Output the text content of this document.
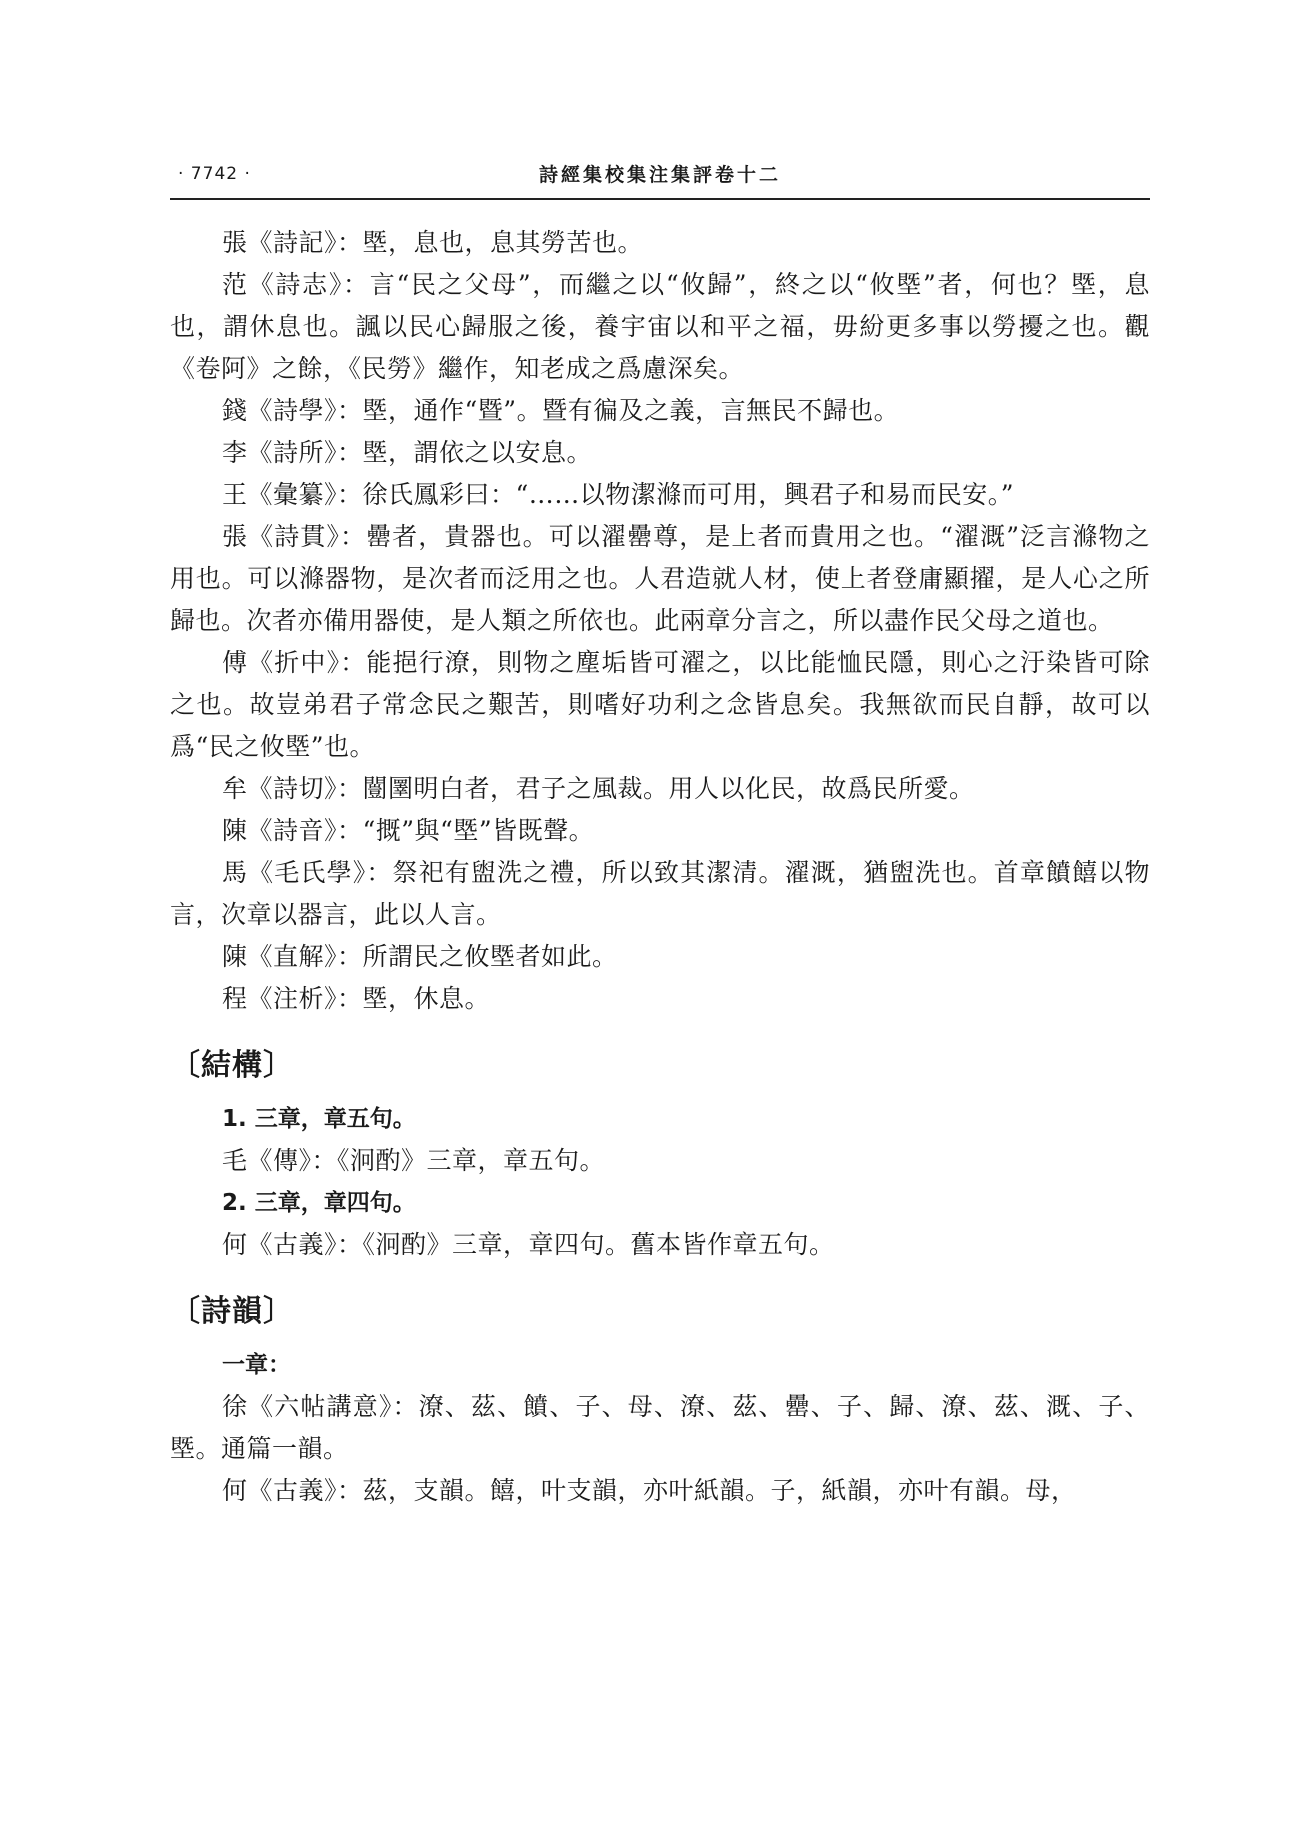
· 7742 ·	詩經集校集注集評卷十二

張《詩記》：塈，息也，息其勞苦也。

范《詩志》：言“民之父母”，而繼之以“攸歸”，終之以“攸塈”者，何也？塈，息也，謂休息也。諷以民心歸服之後，養宇宙以和平之福，毋紛更多事以勞擾之也。觀《卷阿》之餘，《民勞》繼作，知老成之爲慮深矣。

錢《詩學》：塈，通作“暨”。暨有徧及之義，言無民不歸也。

李《詩所》：塈，謂依之以安息。

王《彙纂》：徐氏鳳彩曰：“……以物潔滌而可用，興君子和易而民安。”

張《詩貫》：罍者，貴器也。可以濯罍尊，是上者而貴用之也。“濯溉”泛言滌物之用也。可以滌器物，是次者而泛用之也。人君造就人材，使上者登庸顯擢，是人心之所歸也。次者亦備用器使，是人類之所依也。此兩章分言之，所以盡作民父母之道也。

傅《折中》：能挹行潦，則物之塵垢皆可濯之，以比能恤民隱，則心之汙染皆可除之也。故豈弟君子常念民之艱苦，則嗜好功利之念皆息矣。我無欲而民自靜，故可以爲“民之攸塈”也。

牟《詩切》：闓圛明白者，君子之風裁。用人以化民，故爲民所愛。

陳《詩音》：“摡”與“塈”皆既聲。

馬《毛氏學》：祭祀有盥洗之禮，所以致其潔清。濯溉，猶盥洗也。首章饙饎以物言，次章以器言，此以人言。

陳《直解》：所謂民之攸塈者如此。

程《注析》：塈，休息。

〔結構〕

1. 三章，章五句。

毛《傳》：《泂酌》三章，章五句。

2. 三章，章四句。

何《古義》：《泂酌》三章，章四句。舊本皆作章五句。

〔詩韻〕

一章：

徐《六帖講意》：潦、茲、饙、子、母、潦、茲、罍、子、歸、潦、茲、溉、子、塈。通篇一韻。

何《古義》：茲，支韻。饎，叶支韻，亦叶紙韻。子，紙韻，亦叶有韻。母，
